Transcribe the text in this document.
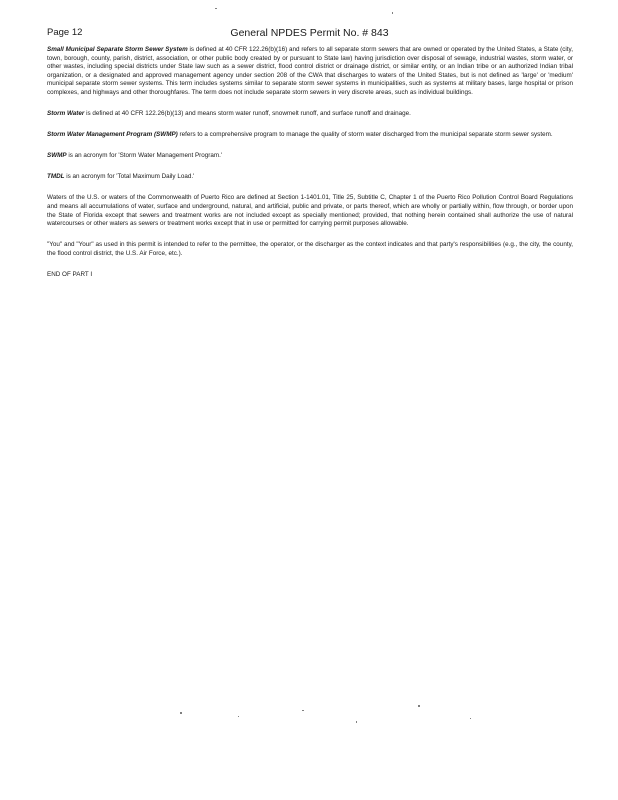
Page 12	General NPDES Permit No. # 843

Small Municipal Separate Storm Sewer System is defined at 40 CFR 122.26(b)(16) and refers to all separate storm sewers that are owned or operated by the United States, a State (city, town, borough, county, parish, district, association, or other public body created by or pursuant to State law) having jurisdiction over disposal of sewage, industrial wastes, storm water, or other wastes, including special districts under State law such as a sewer district, flood control district or drainage district, or similar entity, or an Indian tribe or an authorized Indian tribal organization, or a designated and approved management agency under section 208 of the CWA that discharges to waters of the United States, but is not defined as 'large' or 'medium' municipal separate storm sewer systems. This term includes systems similar to separate storm sewer systems in municipalities, such as systems at military bases, large hospital or prison complexes, and highways and other thoroughfares. The term does not include separate storm sewers in very discrete areas, such as individual buildings.

Storm Water is defined at 40 CFR 122.26(b)(13) and means storm water runoff, snowmelt runoff, and surface runoff and drainage.

Storm Water Management Program (SWMP) refers to a comprehensive program to manage the quality of storm water discharged from the municipal separate storm sewer system.

SWMP is an acronym for 'Storm Water Management Program.'

TMDL is an acronym for 'Total Maximum Daily Load.'

Waters of the U.S. or waters of the Commonwealth of Puerto Rico are defined at Section 1-1401.01, Title 25, Subtitle C, Chapter 1 of the Puerto Rico Pollution Control Board Regulations and means all accumulations of water, surface and underground, natural, and artificial, public and private, or parts thereof, which are wholly or partially within, flow through, or border upon the State of Florida except that sewers and treatment works are not included except as specially mentioned; provided, that nothing herein contained shall authorize the use of natural watercourses or other waters as sewers or treatment works except that in use or permitted for carrying permit purposes allowable.

"You" and "Your" as used in this permit is intended to refer to the permittee, the operator, or the discharger as the context indicates and that party's responsibilities (e.g., the city, the county, the flood control district, the U.S. Air Force, etc.).

END OF PART I
